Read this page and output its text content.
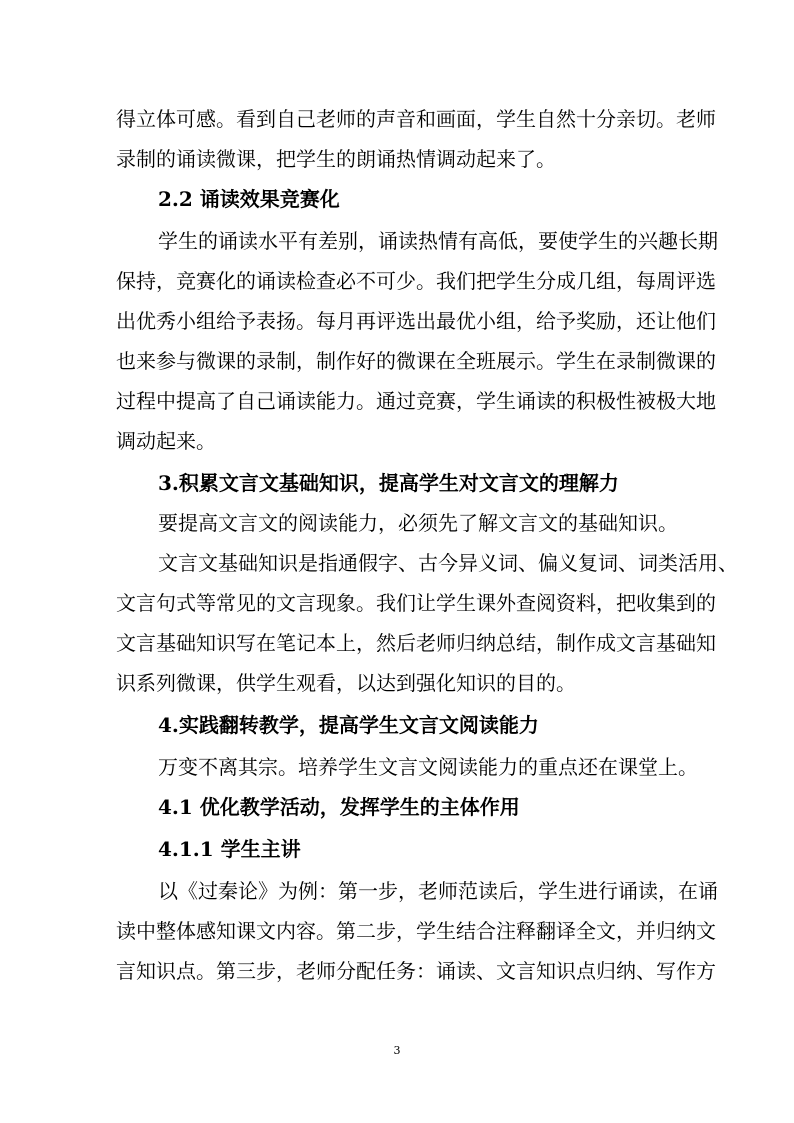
得立体可感。看到自己老师的声音和画面，学生自然十分亲切。老师
录制的诵读微课，把学生的朗诵热情调动起来了。
2.2 诵读效果竞赛化
学生的诵读水平有差别，诵读热情有高低，要使学生的兴趣长期
保持，竞赛化的诵读检查必不可少。我们把学生分成几组，每周评选
出优秀小组给予表扬。每月再评选出最优小组，给予奖励，还让他们
也来参与微课的录制，制作好的微课在全班展示。学生在录制微课的
过程中提高了自己诵读能力。通过竞赛，学生诵读的积极性被极大地
调动起来。
3.积累文言文基础知识，提高学生对文言文的理解力
要提高文言文的阅读能力，必须先了解文言文的基础知识。
文言文基础知识是指通假字、古今异义词、偏义复词、词类活用、
文言句式等常见的文言现象。我们让学生课外查阅资料，把收集到的
文言基础知识写在笔记本上，然后老师归纳总结，制作成文言基础知
识系列微课，供学生观看，以达到强化知识的目的。
4.实践翻转教学，提高学生文言文阅读能力
万变不离其宗。培养学生文言文阅读能力的重点还在课堂上。
4.1 优化教学活动，发挥学生的主体作用
4.1.1 学生主讲
以《过秦论》为例：第一步，老师范读后，学生进行诵读，在诵
读中整体感知课文内容。第二步，学生结合注释翻译全文，并归纳文
言知识点。第三步，老师分配任务：诵读、文言知识点归纳、写作方
3
